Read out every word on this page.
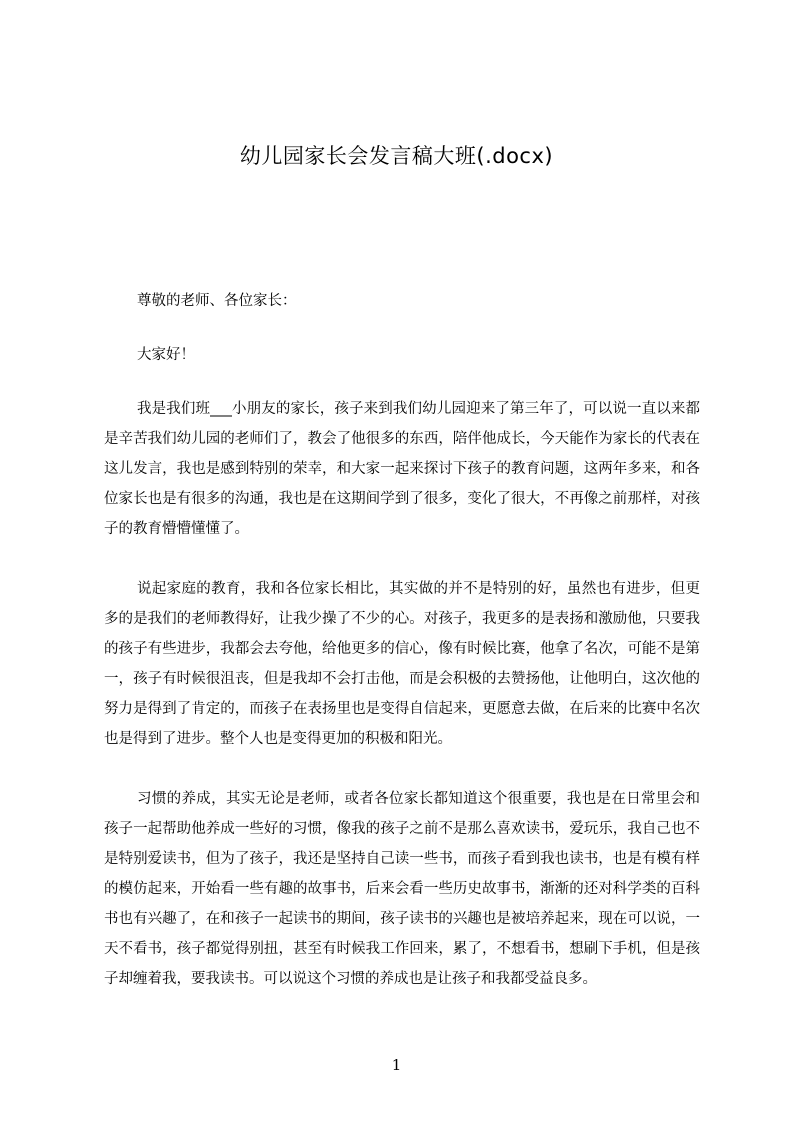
幼儿园家长会发言稿大班(.docx)

尊敬的老师、各位家长：

大家好！

我是我们班___小朋友的家长，孩子来到我们幼儿园迎来了第三年了，可以说一直以来都是辛苦我们幼儿园的老师们了，教会了他很多的东西，陪伴他成长，今天能作为家长的代表在这儿发言，我也是感到特别的荣幸，和大家一起来探讨下孩子的教育问题，这两年多来，和各位家长也是有很多的沟通，我也是在这期间学到了很多，变化了很大，不再像之前那样，对孩子的教育懵懵懂懂了。

说起家庭的教育，我和各位家长相比，其实做的并不是特别的好，虽然也有进步，但更多的是我们的老师教得好，让我少操了不少的心。对孩子，我更多的是表扬和激励他，只要我的孩子有些进步，我都会去夸他，给他更多的信心，像有时候比赛，他拿了名次，可能不是第一，孩子有时候很沮丧，但是我却不会打击他，而是会积极的去赞扬他，让他明白，这次他的努力是得到了肯定的，而孩子在表扬里也是变得自信起来，更愿意去做，在后来的比赛中名次也是得到了进步。整个人也是变得更加的积极和阳光。

习惯的养成，其实无论是老师，或者各位家长都知道这个很重要，我也是在日常里会和孩子一起帮助他养成一些好的习惯，像我的孩子之前不是那么喜欢读书，爱玩乐，我自己也不是特别爱读书，但为了孩子，我还是坚持自己读一些书，而孩子看到我也读书，也是有模有样的模仿起来，开始看一些有趣的故事书，后来会看一些历史故事书，渐渐的还对科学类的百科书也有兴趣了，在和孩子一起读书的期间，孩子读书的兴趣也是被培养起来，现在可以说，一天不看书，孩子都觉得别扭，甚至有时候我工作回来，累了，不想看书，想刷下手机，但是孩子却缠着我，要我读书。可以说这个习惯的养成也是让孩子和我都受益良多。

1
